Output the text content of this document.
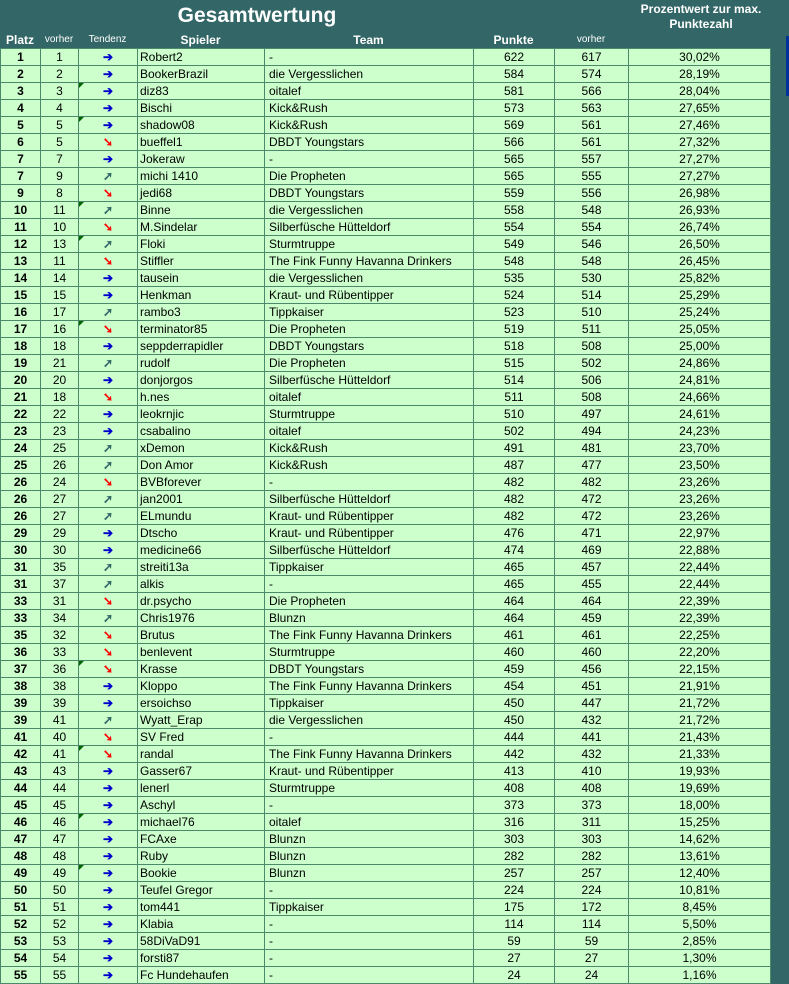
Gesamtwertung	Prozentwert zur max. Punktezahl
Platz	vorher	Tendenz	Spieler	Team	Punkte	vorher
1	1	➔	Robert2	-	622	617	30,02%
2	2	➔	BookerBrazil	die Vergesslichen	584	574	28,19%
3	3	➔	diz83	oitalef	581	566	28,04%
4	4	➔	Bischi	Kick&Rush	573	563	27,65%
5	5	➔	shadow08	Kick&Rush	569	561	27,46%
6	5	➘	bueffel1	DBDT Youngstars	566	561	27,32%
7	7	➔	Jokeraw	-	565	557	27,27%
7	9	➚	michi 1410	Die Propheten	565	555	27,27%
9	8	➘	jedi68	DBDT Youngstars	559	556	26,98%
10	11	➚	Binne	die Vergesslichen	558	548	26,93%
11	10	➘	M.Sindelar	Silberfüsche Hütteldorf	554	554	26,74%
12	13	➚	Floki	Sturmtruppe	549	546	26,50%
13	11	➘	Stiffler	The Fink Funny Havanna Drinkers	548	548	26,45%
14	14	➔	tausein	die Vergesslichen	535	530	25,82%
15	15	➔	Henkman	Kraut- und Rübentipper	524	514	25,29%
16	17	➚	rambo3	Tippkaiser	523	510	25,24%
17	16	➘	terminator85	Die Propheten	519	511	25,05%
18	18	➔	seppderrapidler	DBDT Youngstars	518	508	25,00%
19	21	➚	rudolf	Die Propheten	515	502	24,86%
20	20	➔	donjorgos	Silberfüsche Hütteldorf	514	506	24,81%
21	18	➘	h.nes	oitalef	511	508	24,66%
22	22	➔	leokrnjic	Sturmtruppe	510	497	24,61%
23	23	➔	csabalino	oitalef	502	494	24,23%
24	25	➚	xDemon	Kick&Rush	491	481	23,70%
25	26	➚	Don Amor	Kick&Rush	487	477	23,50%
26	24	➘	BVBforever	-	482	482	23,26%
26	27	➚	jan2001	Silberfüsche Hütteldorf	482	472	23,26%
26	27	➚	ELmundu	Kraut- und Rübentipper	482	472	23,26%
29	29	➔	Dtscho	Kraut- und Rübentipper	476	471	22,97%
30	30	➔	medicine66	Silberfüsche Hütteldorf	474	469	22,88%
31	35	➚	streiti13a	Tippkaiser	465	457	22,44%
31	37	➚	alkis	-	465	455	22,44%
33	31	➘	dr.psycho	Die Propheten	464	464	22,39%
33	34	➚	Chris1976	Blunzn	464	459	22,39%
35	32	➘	Brutus	The Fink Funny Havanna Drinkers	461	461	22,25%
36	33	➘	benlevent	Sturmtruppe	460	460	22,20%
37	36	➘	Krasse	DBDT Youngstars	459	456	22,15%
38	38	➔	Kloppo	The Fink Funny Havanna Drinkers	454	451	21,91%
39	39	➔	ersoichso	Tippkaiser	450	447	21,72%
39	41	➚	Wyatt_Erap	die Vergesslichen	450	432	21,72%
41	40	➘	SV Fred	-	444	441	21,43%
42	41	➘	randal	The Fink Funny Havanna Drinkers	442	432	21,33%
43	43	➔	Gasser67	Kraut- und Rübentipper	413	410	19,93%
44	44	➔	lenerl	Sturmtruppe	408	408	19,69%
45	45	➔	Aschyl	-	373	373	18,00%
46	46	➔	michael76	oitalef	316	311	15,25%
47	47	➔	FCAxe	Blunzn	303	303	14,62%
48	48	➔	Ruby	Blunzn	282	282	13,61%
49	49	➔	Bookie	Blunzn	257	257	12,40%
50	50	➔	Teufel Gregor	-	224	224	10,81%
51	51	➔	tom441	Tippkaiser	175	172	8,45%
52	52	➔	Klabia	-	114	114	5,50%
53	53	➔	58DiVaD91	-	59	59	2,85%
54	54	➔	forsti87	-	27	27	1,30%
55	55	➔	Fc Hundehaufen	-	24	24	1,16%
